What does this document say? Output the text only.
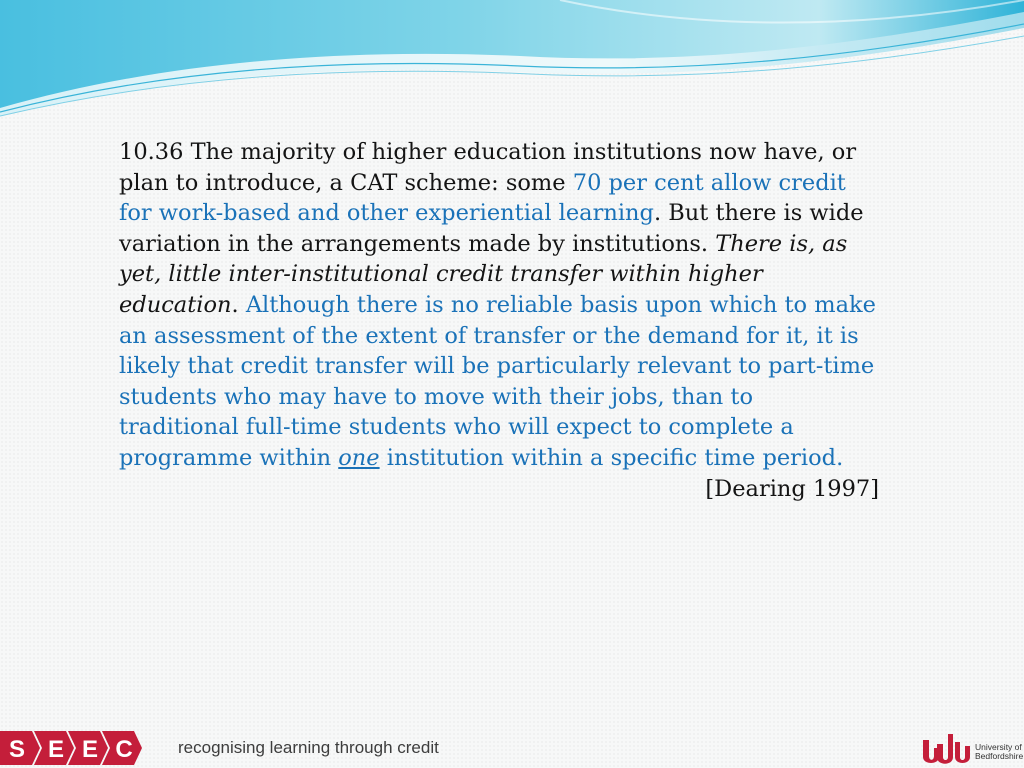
10.36 The majority of higher education institutions now have, or plan to introduce, a CAT scheme: some 70 per cent allow credit for work-based and other experiential learning. But there is wide variation in the arrangements made by institutions. There is, as yet, little inter-institutional credit transfer within higher education. Although there is no reliable basis upon which to make an assessment of the extent of transfer or the demand for it, it is likely that credit transfer will be particularly relevant to part-time students who may have to move with their jobs, than to traditional full-time students who will expect to complete a programme within one institution within a specific time period.

[Dearing 1997]

S E E C	recognising learning through credit	University of
Bedfordshire
